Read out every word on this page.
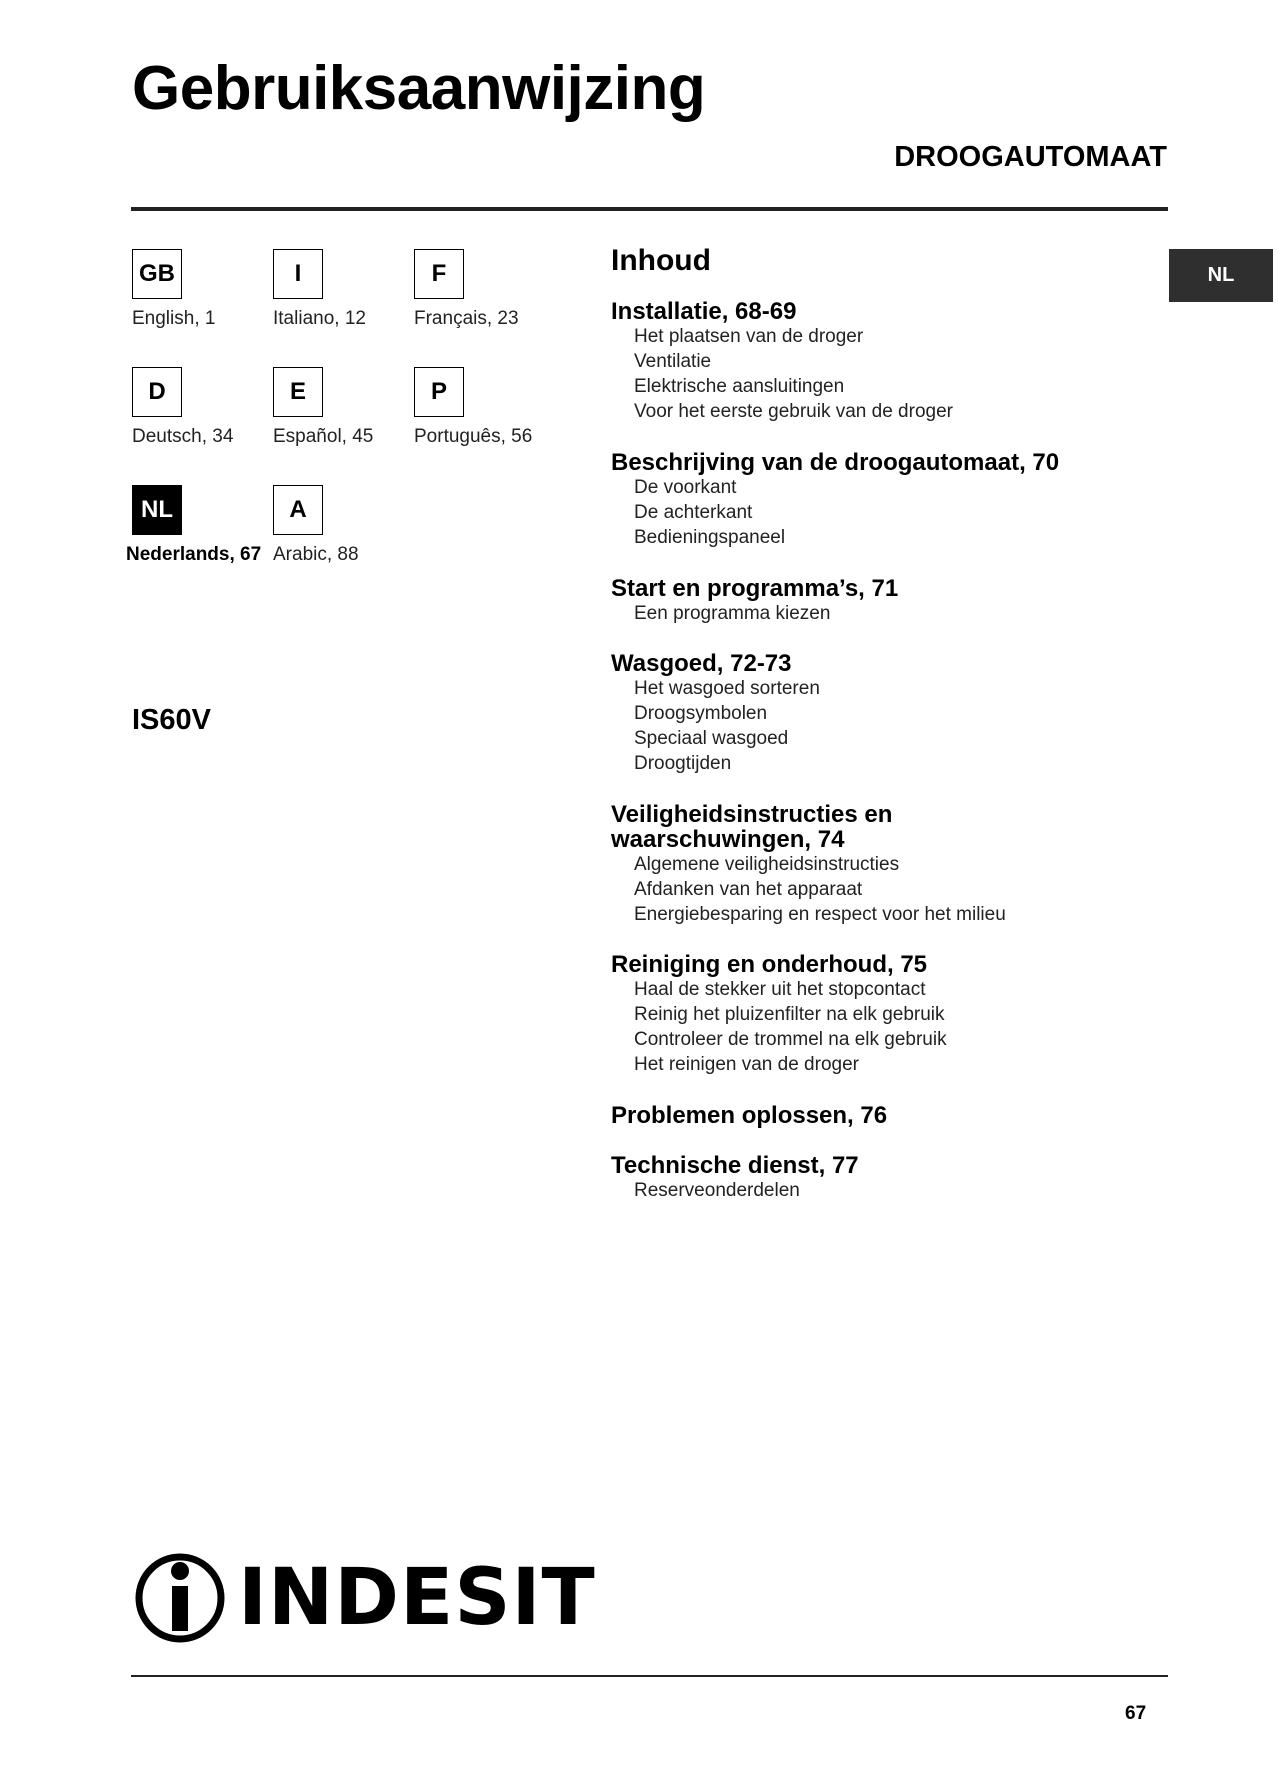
Gebruiksaanwijzing
DROOGAUTOMAAT
GB
English, 1
I
Italiano, 12
F
Français, 23
D
Deutsch, 34
E
Español, 45
P
Português, 56
NL
Nederlands, 67
A
Arabic, 88
IS60V
NL
Inhoud
Installatie, 68-69
Het plaatsen van de droger
Ventilatie
Elektrische aansluitingen
Voor het eerste gebruik van de droger
Beschrijving van de droogautomaat, 70
De voorkant
De achterkant
Bedieningspaneel
Start en programma’s, 71
Een programma kiezen
Wasgoed, 72-73
Het wasgoed sorteren
Droogsymbolen
Speciaal wasgoed
Droogtijden
Veiligheidsinstructies en
waarschuwingen, 74
Algemene veiligheidsinstructies
Afdanken van het apparaat
Energiebesparing en respect voor het milieu
Reiniging en onderhoud, 75
Haal de stekker uit het stopcontact
Reinig het pluizenfilter na elk gebruik
Controleer de trommel na elk gebruik
Het reinigen van de droger
Problemen oplossen, 76
Technische dienst, 77
Reserveonderdelen
INDESIT
67
